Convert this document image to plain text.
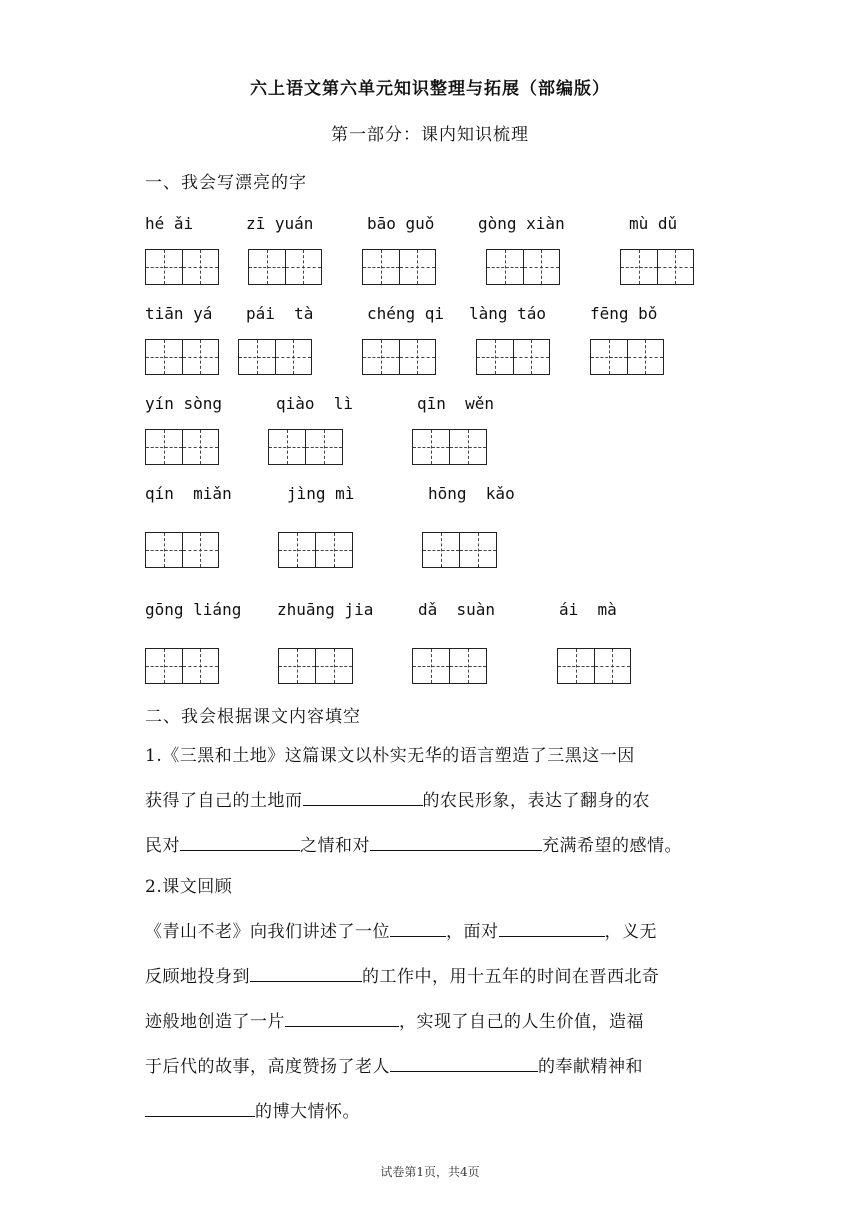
六上语文第六单元知识整理与拓展（部编版）
第一部分：课内知识梳理
一、我会写漂亮的字
hé ǎi	zī yuán	bāo guǒ	gòng xiàn	mù dǔ
tiān yá pái  tà	chéng qi làng táo	fēng bǒ
yín sòng	qiào  lì	qīn  wěn
qín  miǎn	jìng mì	hōng  kǎo
gōng liáng zhuāng jia	dǎ  suàn	ái  mà
二、我会根据课文内容填空
1.《三黑和土地》这篇课文以朴实无华的语言塑造了三黑这一因
获得了自己的土地而	的农民形象，表达了翻身的农
民对	之情和对	充满希望的感情。
2.课文回顾
《青山不老》向我们讲述了一位	，面对	，义无
反顾地投身到	的工作中，用十五年的时间在晋西北奇
迹般地创造了一片	，实现了自己的人生价值，造福
于后代的故事，高度赞扬了老人	的奉献精神和
的博大情怀。
试卷第1页，共4页
